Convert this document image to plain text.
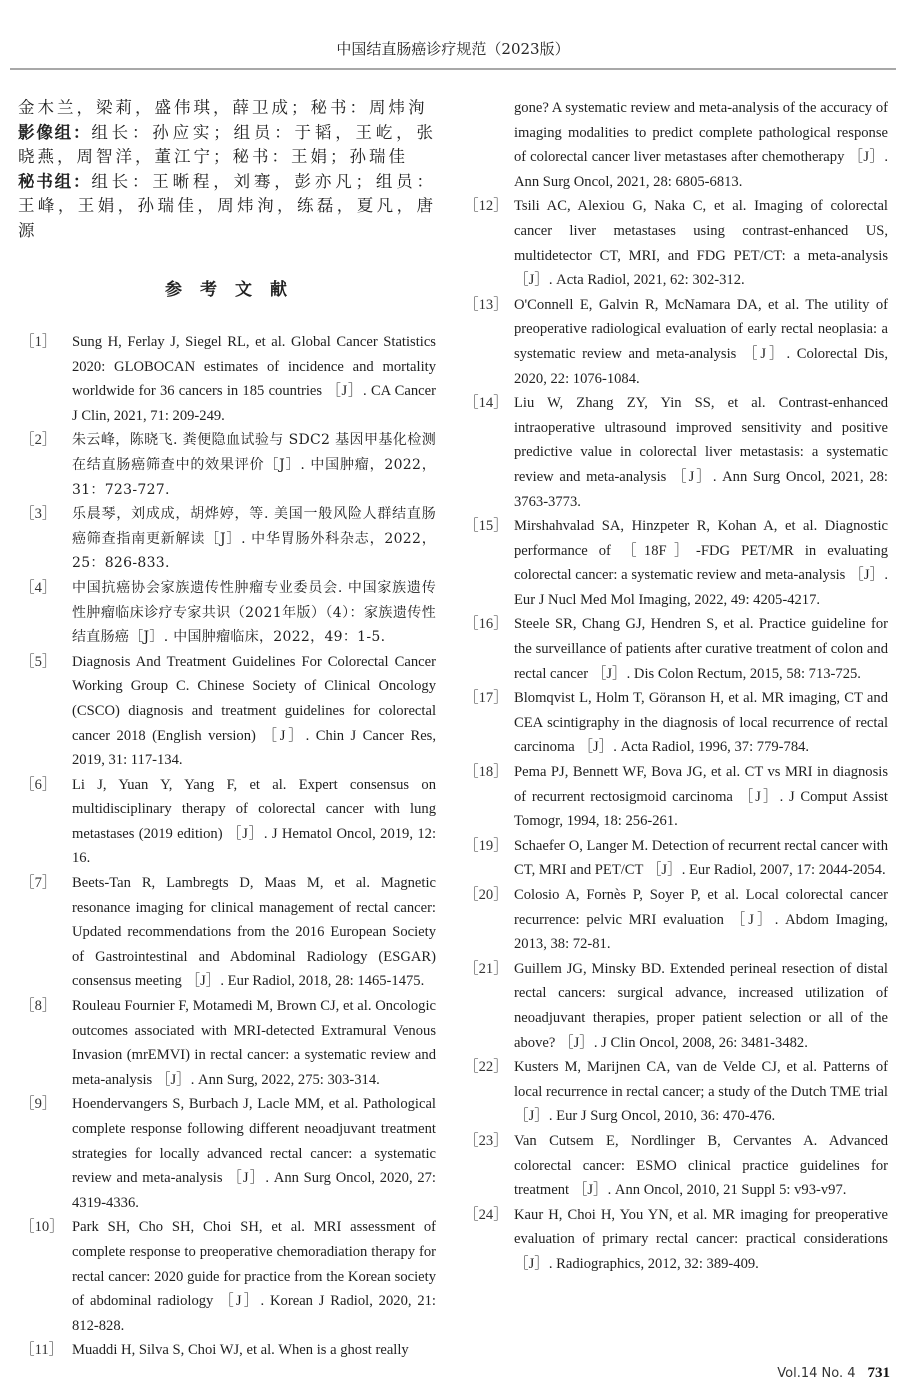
中国结直肠癌诊疗规范（2023版）

金木兰，梁莉，盛伟琪，薛卫成；秘书：周炜洵

影像组：组长：孙应实；组员：于韬，王屹，张晓燕，周智洋，董江宁；秘书：王娟；孙瑞佳

秘书组：组长：王晰程，刘骞，彭亦凡；组员：王峰，王娟，孙瑞佳，周炜洵，练磊，夏凡，唐源

参考文献
［1］	Sung H, Ferlay J, Siegel RL, et al. Global Cancer Statistics 2020: GLOBOCAN estimates of incidence and mortality worldwide for 36 cancers in 185 countries ［J］. CA Cancer J Clin, 2021, 71: 209-249.
［2］	朱云峰，陈晓飞. 粪便隐血试验与 SDC2 基因甲基化检测在结直肠癌筛查中的效果评价［J］. 中国肿瘤，2022，31：723-727.
［3］	乐晨琴，刘成成，胡烨婷，等. 美国一般风险人群结直肠癌筛查指南更新解读［J］. 中华胃肠外科杂志，2022，25：826-833.
［4］	中国抗癌协会家族遗传性肿瘤专业委员会. 中国家族遗传性肿瘤临床诊疗专家共识（2021年版）（4）：家族遗传性结直肠癌［J］. 中国肿瘤临床，2022，49：1-5.
［5］	Diagnosis And Treatment Guidelines For Colorectal Cancer Working Group C. Chinese Society of Clinical Oncology (CSCO) diagnosis and treatment guidelines for colorectal cancer 2018 (English version) ［J］. Chin J Cancer Res, 2019, 31: 117-134.
［6］	Li J, Yuan Y, Yang F, et al. Expert consensus on multidisciplinary therapy of colorectal cancer with lung metastases (2019 edition) ［J］. J Hematol Oncol, 2019, 12: 16.
［7］	Beets-Tan R, Lambregts D, Maas M, et al. Magnetic resonance imaging for clinical management of rectal cancer: Updated recommendations from the 2016 European Society of Gastrointestinal and Abdominal Radiology (ESGAR) consensus meeting ［J］. Eur Radiol, 2018, 28: 1465-1475.
［8］	Rouleau Fournier F, Motamedi M, Brown CJ, et al. Oncologic outcomes associated with MRI-detected Extramural Venous Invasion (mrEMVI) in rectal cancer: a systematic review and meta-analysis ［J］. Ann Surg, 2022, 275: 303-314.
［9］	Hoendervangers S, Burbach J, Lacle MM, et al. Pathological complete response following different neoadjuvant treatment strategies for locally advanced rectal cancer: a systematic review and meta-analysis ［J］. Ann Surg Oncol, 2020, 27: 4319-4336.
［10］ Park SH, Cho SH, Choi SH, et al. MRI assessment of complete response to preoperative chemoradiation therapy for rectal cancer: 2020 guide for practice from the Korean society of abdominal radiology ［J］. Korean J Radiol, 2020, 21: 812-828.
［11］ Muaddi H, Silva S, Choi WJ, et al. When is a ghost really
gone? A systematic review and meta-analysis of the accuracy of imaging modalities to predict complete pathological response of colorectal cancer liver metastases after chemotherapy ［J］. Ann Surg Oncol, 2021, 28: 6805-6813.
［12］ Tsili AC, Alexiou G, Naka C, et al. Imaging of colorectal cancer liver metastases using contrast-enhanced US, multidetector CT, MRI, and FDG PET/CT: a meta-analysis ［J］. Acta Radiol, 2021, 62: 302-312.
［13］ O'Connell E, Galvin R, McNamara DA, et al. The utility of preoperative radiological evaluation of early rectal neoplasia: a systematic review and meta-analysis ［J］. Colorectal Dis, 2020, 22: 1076-1084.
［14］ Liu W, Zhang ZY, Yin SS, et al. Contrast-enhanced intraoperative ultrasound improved sensitivity and positive predictive value in colorectal liver metastasis: a systematic review and meta-analysis ［J］. Ann Surg Oncol, 2021, 28: 3763-3773.
［15］ Mirshahvalad SA, Hinzpeter R, Kohan A, et al. Diagnostic performance of ［18F］-FDG PET/MR in evaluating colorectal cancer: a systematic review and meta-analysis ［J］. Eur J Nucl Med Mol Imaging, 2022, 49: 4205-4217.
［16］ Steele SR, Chang GJ, Hendren S, et al. Practice guideline for the surveillance of patients after curative treatment of colon and rectal cancer ［J］. Dis Colon Rectum, 2015, 58: 713-725.
［17］ Blomqvist L, Holm T, Göranson H, et al. MR imaging, CT and CEA scintigraphy in the diagnosis of local recurrence of rectal carcinoma ［J］. Acta Radiol, 1996, 37: 779-784.
［18］ Pema PJ, Bennett WF, Bova JG, et al. CT vs MRI in diagnosis of recurrent rectosigmoid carcinoma ［J］. J Comput Assist Tomogr, 1994, 18: 256-261.
［19］ Schaefer O, Langer M. Detection of recurrent rectal cancer with CT, MRI and PET/CT ［J］. Eur Radiol, 2007, 17: 2044-2054.
［20］ Colosio A, Fornès P, Soyer P, et al. Local colorectal cancer recurrence: pelvic MRI evaluation ［J］. Abdom Imaging, 2013, 38: 72-81.
［21］ Guillem JG, Minsky BD. Extended perineal resection of distal rectal cancers: surgical advance, increased utilization of neoadjuvant therapies, proper patient selection or all of the above? ［J］. J Clin Oncol, 2008, 26: 3481-3482.
［22］ Kusters M, Marijnen CA, van de Velde CJ, et al. Patterns of local recurrence in rectal cancer; a study of the Dutch TME trial ［J］. Eur J Surg Oncol, 2010, 36: 470-476.
［23］ Van Cutsem E, Nordlinger B, Cervantes A. Advanced colorectal cancer: ESMO clinical practice guidelines for treatment ［J］. Ann Oncol, 2010, 21 Suppl 5: v93-v97.
［24］ Kaur H, Choi H, You YN, et al. MR imaging for preoperative evaluation of primary rectal cancer: practical considerations ［J］. Radiographics, 2012, 32: 389-409.
Vol.14 No. 4 731
